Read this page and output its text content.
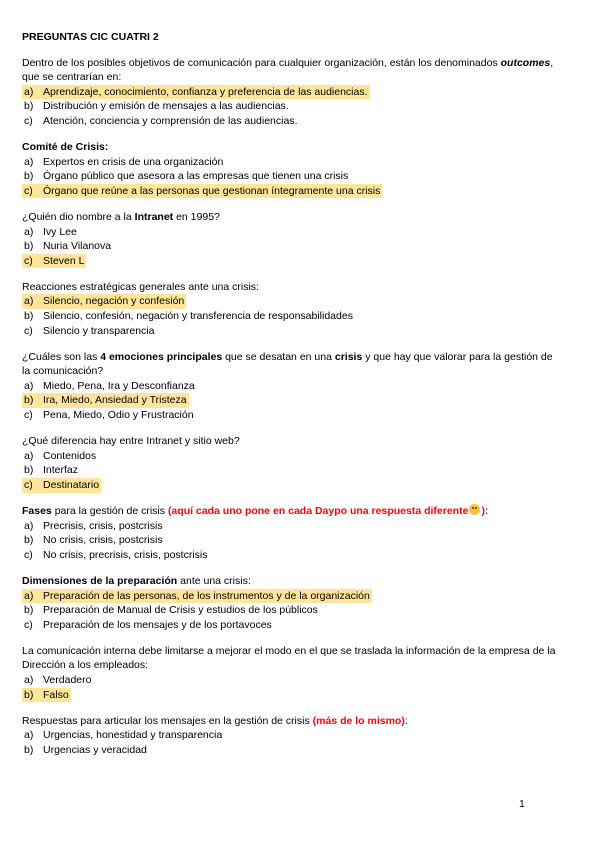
PREGUNTAS CIC CUATRI 2
Dentro de los posibles objetivos de comunicación para cualquier organización, están los denominados outcomes,
que se centrarían en:
a) Aprendizaje, conocimiento, confianza y preferencia de las audiencias.
b) Distribución y emisión de mensajes a las audiencias.
c) Atención, conciencia y comprensión de las audiencias.
Comité de Crisis:
a) Expertos en crisis de una organización
b) Órgano público que asesora a las empresas que tienen una crisis
c) Órgano que reúne a las personas que gestionan íntegramente una crisis
¿Quién dio nombre a la Intranet en 1995?
a) Ivy Lee
b) Nuria Vilanova
c) Steven L
Reacciones estratégicas generales ante una crisis:
a) Silencio, negación y confesión
b) Silencio, confesión, negación y transferencia de responsabilidades
c) Silencio y transparencia
¿Cuáles son las 4 emociones principales que se desatan en una crisis y que hay que valorar para la gestión de
la comunicación?
a) Miedo, Pena, Ira y Desconfianza
b) Ira, Miedo, Ansiedad y Tristeza
c) Pena, Miedo, Odio y Frustración
¿Qué diferencia hay entre Intranet y sitio web?
a) Contenidos
b) Interfaz
c) Destinatario
Fases para la gestión de crisis (aquí cada uno pone en cada Daypo una respuesta diferente ):
a) Precrisis, crisis, postcrisis
b) No crisis, crisis, postcrisis
c) No crisis, precrisis, crisis, postcrisis
Dimensiones de la preparación ante una crisis:
a) Preparación de las personas, de los instrumentos y de la organización
b) Preparación de Manual de Crisis y estudios de los públicos
c) Preparación de los mensajes y de los portavoces
La comunicación interna debe limitarse a mejorar el modo en el que se traslada la información de la empresa de la
Dirección a los empleados:
a) Verdadero
b) Falso
Respuestas para articular los mensajes en la gestión de crisis (más de lo mismo):
a) Urgencias, honestidad y transparencia
b) Urgencias y veracidad
1
